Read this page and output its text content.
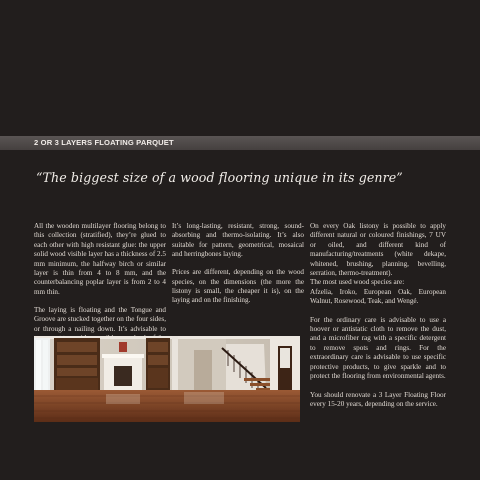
2 OR 3 LAYERS FLOATING PARQUET
“The biggest size of a wood flooring unique in its genre”

All the wooden multilayer flooring belong to this collection (stratified), they’re glued to each other with high resistant glue: the upper solid wood visible layer has a thickness of 2.5 mm minimum, the halfway birch or similar layer is thin from 4 to 8 mm, and the counterbalancing poplar layer is from 2 to 4 mm thin.

The laying is floating and the Tongue and Groove are stucked together on the four sides, or through a nailing down. It’s advisable to

It’s long-lasting, resistant, strong, sound-absorbing and thermo-isolating. It’s also suitable for pattern, geometrical, mosaical and herringbones laying.

Prices are different, depending on the wood species, on the dimensions (the more the listony is small, the cheaper it is), on the laying and on the finishing.

On every Oak listony is possible to apply different natural or coloured finishings, 7 UV or oiled, and different kind of manufacturing/treatments (white dekape, whitened, brushing, planning, bevelling, serration, thermo-treatment).

The most used wood species are:

Afzelia, Iroko, European Oak, European Walnut, Rosewood, Teak, and Wengé.

For the ordinary care is advisable to use a hoover or antistatic cloth to remove the dust, and a microfiber rag with a specific detergent to remove spots and rings. For the extraordinary care is advisable to use specific protective products, to give sparkle and to protect the flooring from environmental agents.

You should renovate a 3 Layer Floating Floor every 15-20 years, depending on the service.
